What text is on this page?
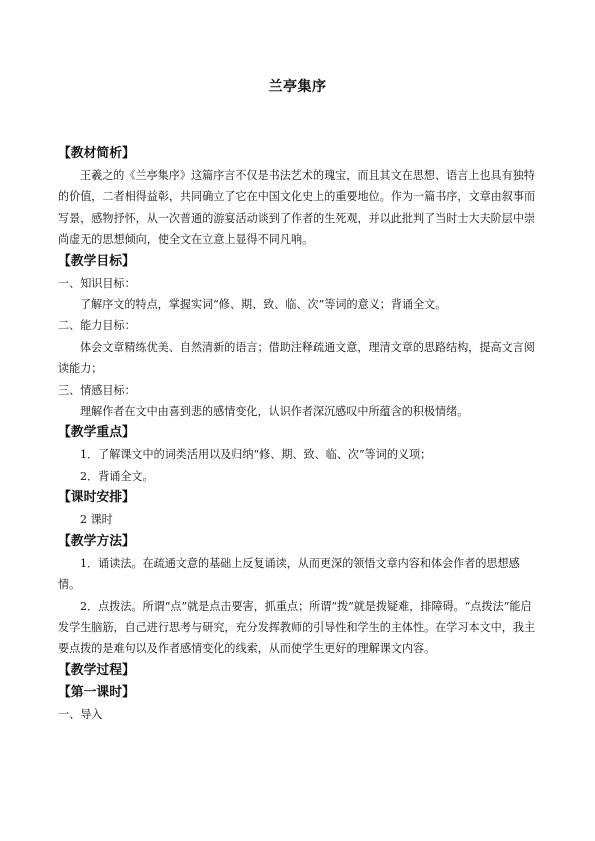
兰亭集序

【教材简析】

王羲之的《兰亭集序》这篇序言不仅是书法艺术的瑰宝，而且其文在思想、语言上也具有独特的价值，二者相得益彰，共同确立了它在中国文化史上的重要地位。作为一篇书序，文章由叙事而写景，感物抒怀，从一次普通的游宴活动谈到了作者的生死观，并以此批判了当时士大夫阶层中崇尚虚无的思想倾向，使全文在立意上显得不同凡响。

【教学目标】

一、知识目标：

了解序文的特点，掌握实词“修、期、致、临、次”等词的意义；背诵全文。

二、能力目标：

体会文章精练优美、自然清新的语言；借助注释疏通文意，理清文章的思路结构，提高文言阅读能力；

三、情感目标：

理解作者在文中由喜到悲的感情变化，认识作者深沉感叹中所蕴含的积极情绪。

【教学重点】

1．了解课文中的词类活用以及归纳“修、期、致、临、次”等词的义项；

2．背诵全文。

【课时安排】

2 课时

【教学方法】

1．诵读法。在疏通文意的基础上反复诵读，从而更深的领悟文章内容和体会作者的思想感情。

2．点拨法。所谓“点”就是点击要害，抓重点；所谓“拨”就是拨疑难，排障碍。“点拨法”能启发学生脑筋，自己进行思考与研究，充分发挥教师的引导性和学生的主体性。在学习本文中，我主要点拨的是难句以及作者感情变化的线索，从而使学生更好的理解课文内容。

【教学过程】

【第一课时】

一、导入
